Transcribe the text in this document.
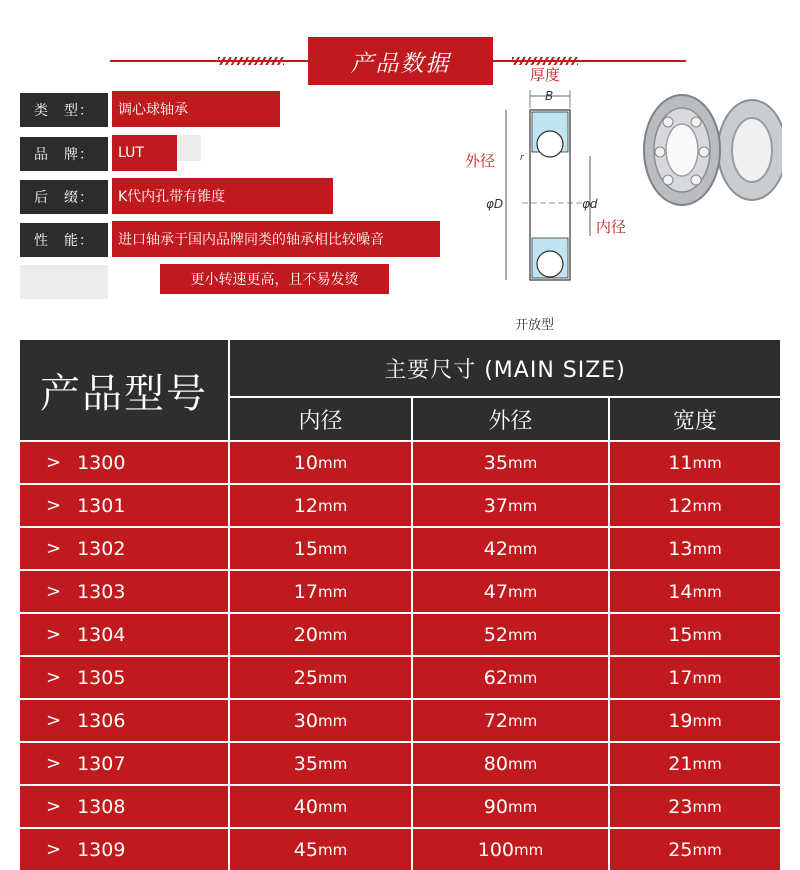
产品数据
类　型：	调心球轴承
品　牌：	LUT
后　缀：	K代内孔带有锥度
性　能：	进口轴承于国内品牌同类的轴承相比较噪音
更小转速更高，且不易发烫
厚度
B
外径
φD	φd
内径
r
开放型
产品型号
主要尺寸 (MAIN SIZE)
内径	外径	宽度
> 1300	10 mm	35 mm	11 mm
> 1301	12 mm	37 mm	12 mm
> 1302	15 mm	42 mm	13 mm
> 1303	17 mm	47 mm	14 mm
> 1304	20 mm	52 mm	15 mm
> 1305	25 mm	62 mm	17 mm
> 1306	30 mm	72 mm	19 mm
> 1307	35 mm	80 mm	21 mm
> 1308	40 mm	90 mm	23 mm
> 1309	45 mm	100 mm	25 mm
